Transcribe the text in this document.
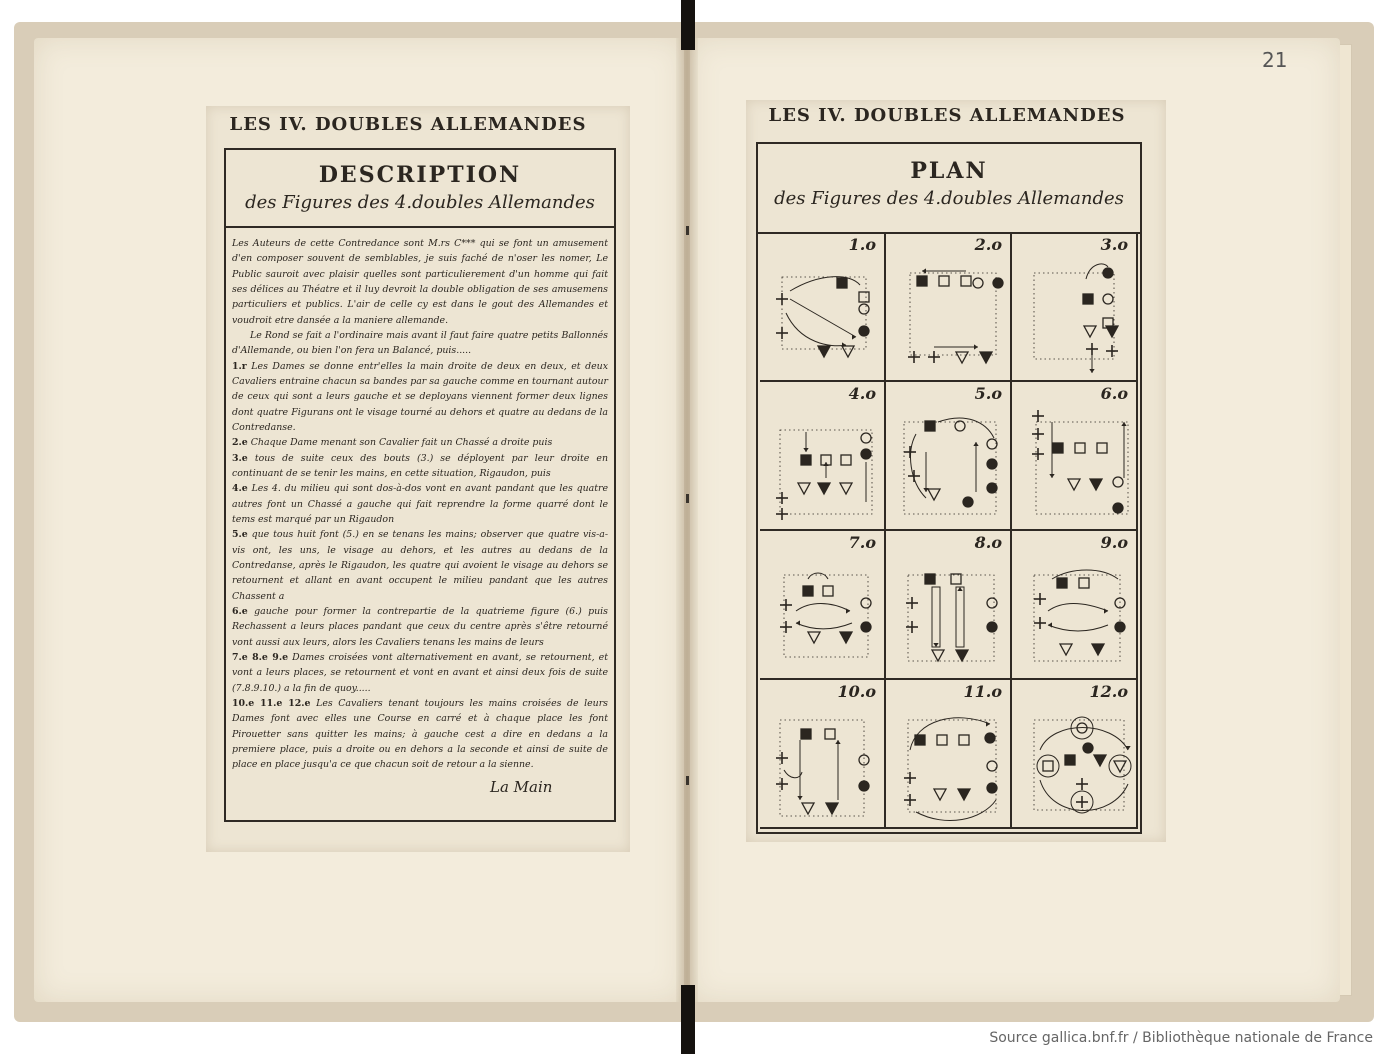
21
LES IV. DOUBLES ALLEMANDES
DESCRIPTION
des Figures des 4.doubles Allemandes

Les Auteurs de cette Contredance sont M.rs C*** qui se font un amusement d'en composer souvent de semblables, je suis faché de n'oser les nomer, Le Public sauroit avec plaisir quelles sont particulierement d'un homme qui fait ses délices au Théatre et il luy devroit la double obligation de ses amusemens particuliers et publics. L'air de celle cy est dans le gout des Allemandes et voudroit etre dansée a la maniere allemande.

Le Rond se fait a l'ordinaire mais avant il faut faire quatre petits Ballonnés d'Allemande, ou bien l'on fera un Balancé, puis.....

1.r Les Dames se donne entr'elles la main droite de deux en deux, et deux Cavaliers entraine chacun sa bandes par sa gauche comme en tournant autour de ceux qui sont a leurs gauche et se deployans viennent former deux lignes dont quatre Figurans ont le visage tourné au dehors et quatre au dedans de la Contredanse.

2.e Chaque Dame menant son Cavalier fait un Chassé a droite puis

3.e tous de suite ceux des bouts (3.) se déployent par leur droite en continuant de se tenir les mains, en cette situation, Rigaudon, puis

4.e Les 4. du milieu qui sont dos-à-dos vont en avant pandant que les quatre autres font un Chassé a gauche qui fait reprendre la forme quarré dont le tems est marqué par un Rigaudon

5.e que tous huit font (5.) en se tenans les mains; observer que quatre vis-a-vis ont, les uns, le visage au dehors, et les autres au dedans de la Contredanse, après le Rigaudon, les quatre qui avoient le visage au dehors se retournent et allant en avant occupent le milieu pandant que les autres Chassent a

6.e gauche pour former la contrepartie de la quatrieme figure (6.) puis Rechassent a leurs places pandant que ceux du centre après s'être retourné vont aussi aux leurs, alors les Cavaliers tenans les mains de leurs

7.e 8.e 9.e Dames croisées vont alternativement en avant, se retournent, et vont a leurs places, se retournent et vont en avant et ainsi deux fois de suite (7.8.9.10.) a la fin de quoy.....

10.e 11.e 12.e Les Cavaliers tenant toujours les mains croisées de leurs Dames font avec elles une Course en carré et à chaque place les font Pirouetter sans quitter les mains; à gauche cest a dire en dedans a la premiere place, puis a droite ou en dehors a la seconde et ainsi de suite de place en place jusqu'a ce que chacun soit de retour a la sienne.

La Main
LES IV. DOUBLES ALLEMANDES
PLAN
des Figures des 4.doubles Allemandes
1.o	2.o	3.o
4.o	5.o	6.o
7.o	8.o	9.o
10.o	11.o	12.o
Source gallica.bnf.fr / Bibliothèque nationale de France
